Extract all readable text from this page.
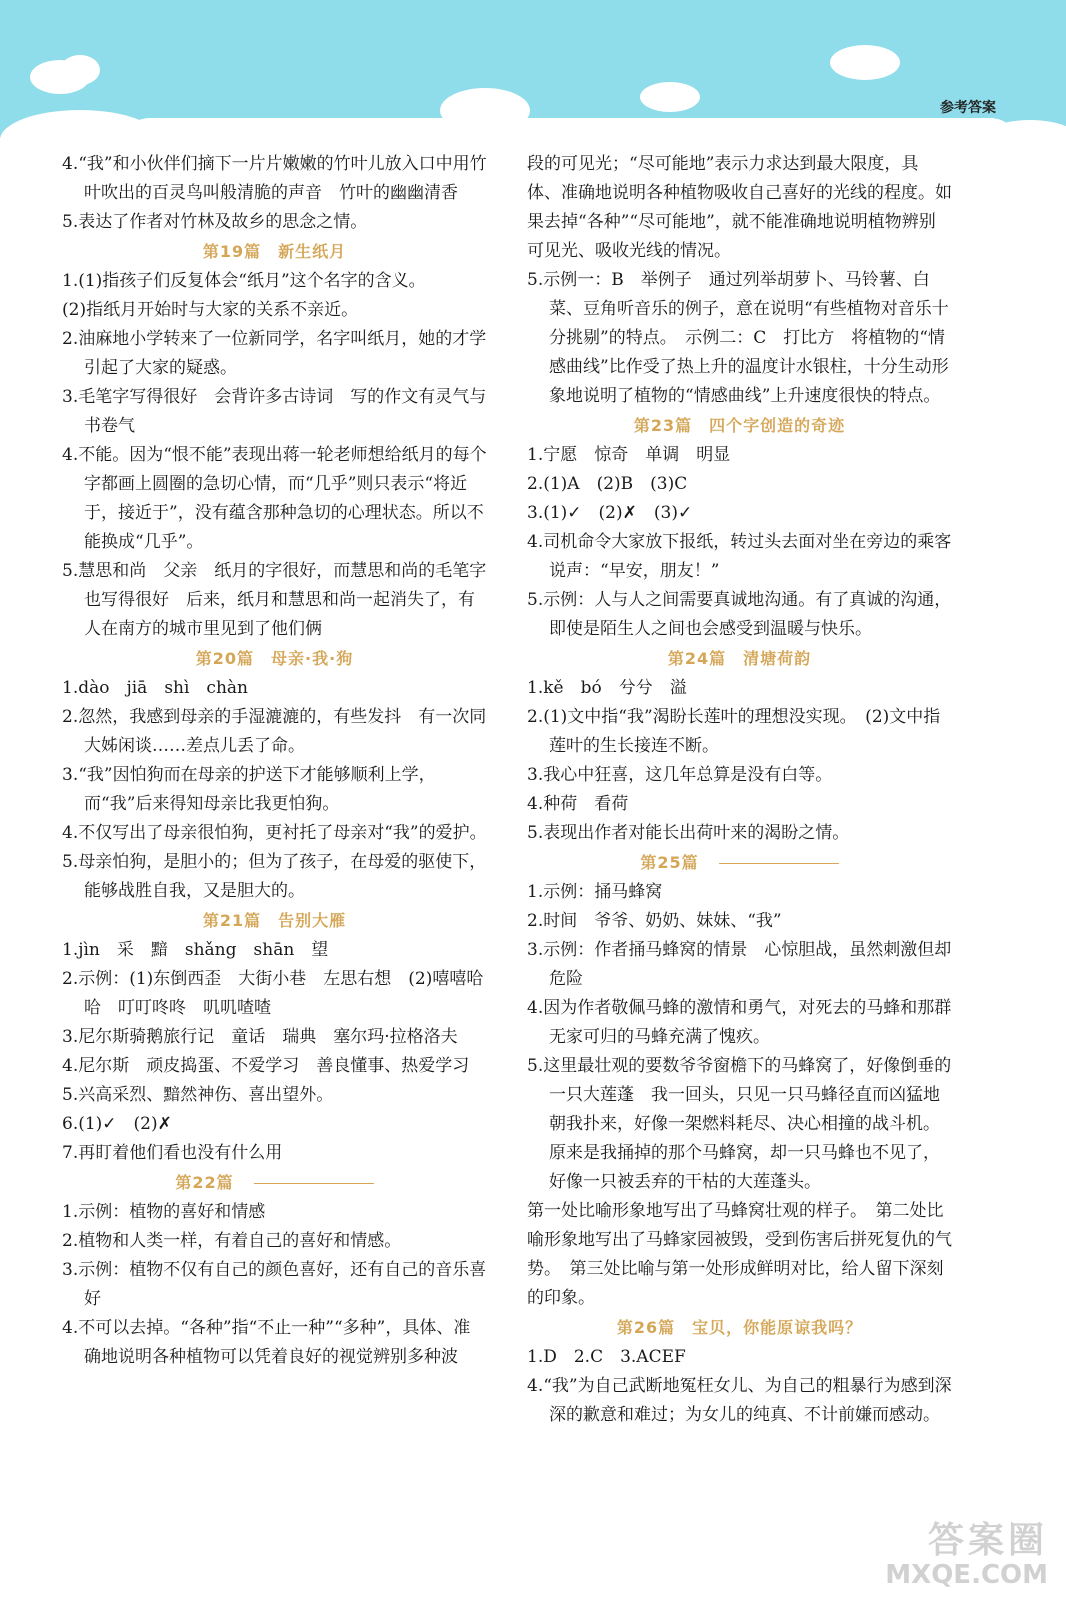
参考答案

4.“我”和小伙伴们摘下一片片嫩嫩的竹叶儿放入口中用竹叶吹出的百灵鸟叫般清脆的声音　竹叶的幽幽清香

5.表达了作者对竹林及故乡的思念之情。

第19篇　新生纸月

1.(1)指孩子们反复体会“纸月”这个名字的含义。

(2)指纸月开始时与大家的关系不亲近。

2.油麻地小学转来了一位新同学，名字叫纸月，她的才学引起了大家的疑惑。

3.毛笔字写得很好　会背许多古诗词　写的作文有灵气与书卷气

4.不能。因为“恨不能”表现出蒋一轮老师想给纸月的每个字都画上圆圈的急切心情，而“几乎”则只表示“将近于，接近于”，没有蕴含那种急切的心理状态。所以不能换成“几乎”。

5.慧思和尚　父亲　纸月的字很好，而慧思和尚的毛笔字也写得很好　后来，纸月和慧思和尚一起消失了，有人在南方的城市里见到了他们俩

第20篇　母亲·我·狗

1.dào　jiā　shì　chàn

2.忽然，我感到母亲的手湿漉漉的，有些发抖　有一次同大姊闲谈……差点儿丢了命。

3.“我”因怕狗而在母亲的护送下才能够顺利上学，而“我”后来得知母亲比我更怕狗。

4.不仅写出了母亲很怕狗，更衬托了母亲对“我”的爱护。

5.母亲怕狗，是胆小的；但为了孩子，在母爱的驱使下，能够战胜自我，又是胆大的。

第21篇　告别大雁

1.jìn　采　黯　shǎng　shān　望

2.示例：(1)东倒西歪　大街小巷　左思右想　(2)嘻嘻哈哈　叮叮咚咚　叽叽喳喳

3.尼尔斯骑鹅旅行记　童话　瑞典　塞尔玛·拉格洛夫

4.尼尔斯　顽皮捣蛋、不爱学习　善良懂事、热爱学习

5.兴高采烈、黯然神伤、喜出望外。

6.(1)✓　(2)✗

7.再盯着他们看也没有什么用

第22篇

1.示例：植物的喜好和情感

2.植物和人类一样，有着自己的喜好和情感。

3.示例：植物不仅有自己的颜色喜好，还有自己的音乐喜好

4.不可以去掉。“各种”指“不止一种”“多种”，具体、准确地说明各种植物可以凭着良好的视觉辨别多种波

段的可见光；“尽可能地”表示力求达到最大限度，具体、准确地说明各种植物吸收自己喜好的光线的程度。如果去掉“各种”“尽可能地”，就不能准确地说明植物辨别可见光、吸收光线的情况。

5.示例一：B　举例子　通过列举胡萝卜、马铃薯、白菜、豆角听音乐的例子，意在说明“有些植物对音乐十分挑剔”的特点。　示例二：C　打比方　将植物的“情感曲线”比作受了热上升的温度计水银柱，十分生动形象地说明了植物的“情感曲线”上升速度很快的特点。

第23篇　四个字创造的奇迹

1.宁愿　惊奇　单调　明显

2.(1)A　(2)B　(3)C

3.(1)✓　(2)✗　(3)✓

4.司机命令大家放下报纸，转过头去面对坐在旁边的乘客说声：“早安，朋友！”

5.示例：人与人之间需要真诚地沟通。有了真诚的沟通，即使是陌生人之间也会感受到温暖与快乐。

第24篇　清塘荷韵

1.kě　bó　兮兮　溢

2.(1)文中指“我”渴盼长莲叶的理想没实现。　(2)文中指莲叶的生长接连不断。

3.我心中狂喜，这几年总算是没有白等。

4.种荷　看荷

5.表现出作者对能长出荷叶来的渴盼之情。

第25篇

1.示例：捅马蜂窝

2.时间　爷爷、奶奶、妹妹、“我”

3.示例：作者捅马蜂窝的情景　心惊胆战，虽然刺激但却危险

4.因为作者敬佩马蜂的激情和勇气，对死去的马蜂和那群无家可归的马蜂充满了愧疚。

5.这里最壮观的要数爷爷窗檐下的马蜂窝了，好像倒垂的一只大莲蓬　我一回头，只见一只马蜂径直而凶猛地朝我扑来，好像一架燃料耗尽、决心相撞的战斗机。　原来是我捅掉的那个马蜂窝，却一只马蜂也不见了，好像一只被丢弃的干枯的大莲蓬头。

第一处比喻形象地写出了马蜂窝壮观的样子。　第二处比喻形象地写出了马蜂家园被毁，受到伤害后拼死复仇的气势。　第三处比喻与第一处形成鲜明对比，给人留下深刻的印象。

第26篇　宝贝，你能原谅我吗？

1.D　2.C　3.ACEF

4.“我”为自己武断地冤枉女儿、为自己的粗暴行为感到深深的歉意和难过；为女儿的纯真、不计前嫌而感动。

答案圈
MXQE.COM
